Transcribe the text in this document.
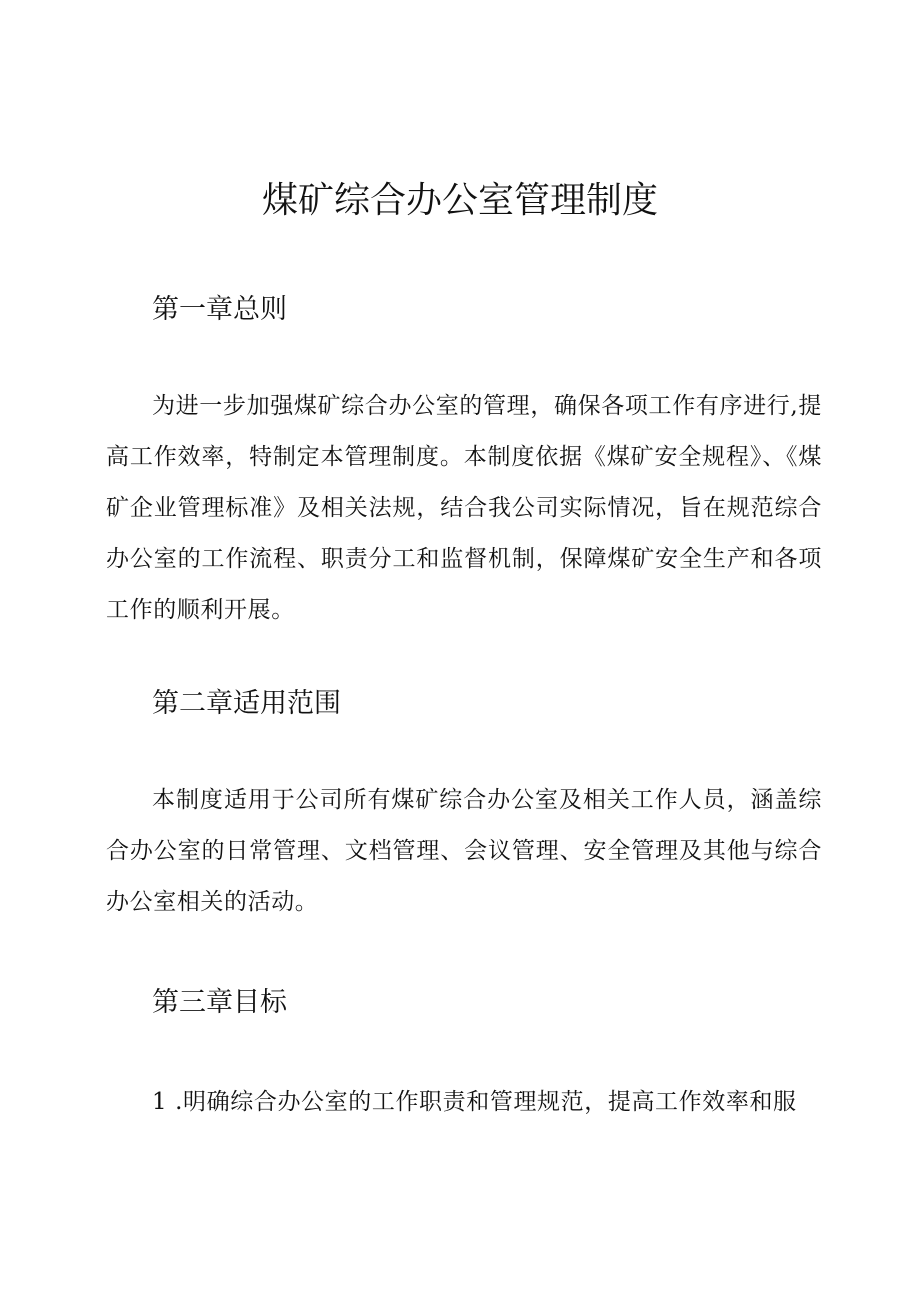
煤矿综合办公室管理制度
第一章总则

为进一步加强煤矿综合办公室的管理，确保各项工作有序进行,提高工作效率，特制定本管理制度。本制度依据《煤矿安全规程》、《煤矿企业管理标准》及相关法规，结合我公司实际情况，旨在规范综合办公室的工作流程、职责分工和监督机制，保障煤矿安全生产和各项工作的顺利开展。

第二章适用范围

本制度适用于公司所有煤矿综合办公室及相关工作人员，涵盖综合办公室的日常管理、文档管理、会议管理、安全管理及其他与综合办公室相关的活动。

第三章目标

1 .明确综合办公室的工作职责和管理规范，提高工作效率和服
